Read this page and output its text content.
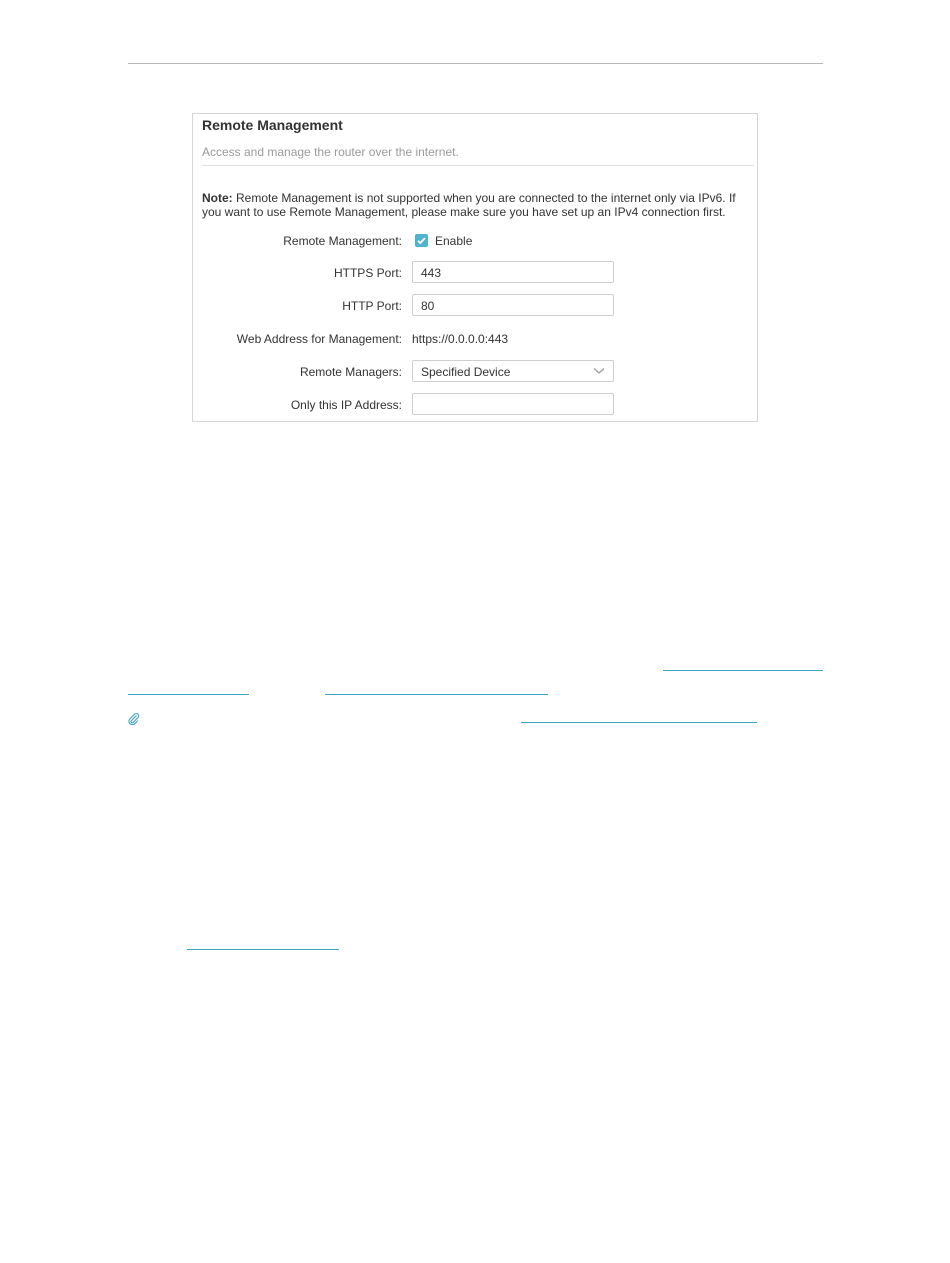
Remote Management
Access and manage the router over the internet.
Note: Remote Management is not supported when you are connected to the internet only via IPv6. If you want to use Remote Management, please make sure you have set up an IPv4 connection first.
Remote Management:	Enable
HTTPS Port:	443
HTTP Port:	80
Web Address for Management: https://0.0.0.0:443
Remote Managers:	Specified Device
Only this IP Address:
